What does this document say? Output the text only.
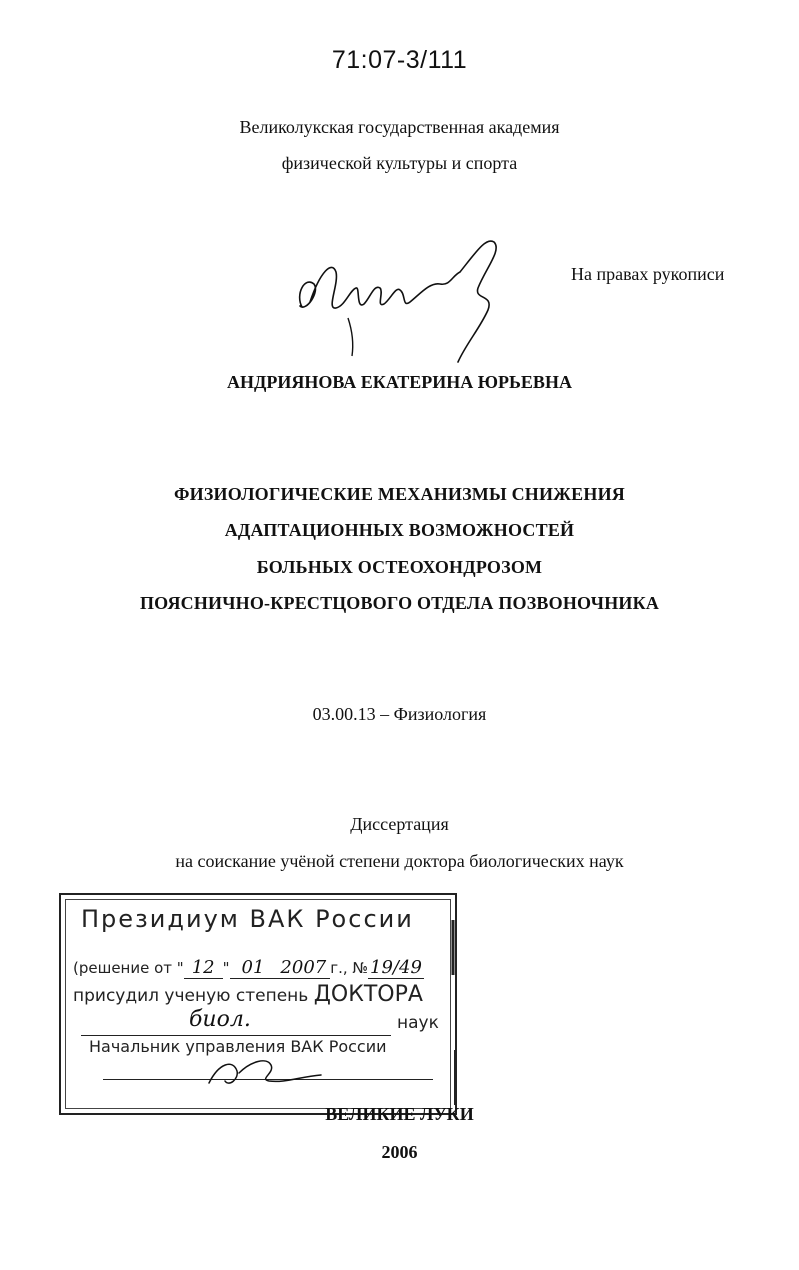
71:07-3/111
Великолукская государственная академия
физической культуры и спорта
На правах рукописи
АНДРИЯНОВА ЕКАТЕРИНА ЮРЬЕВНА
ФИЗИОЛОГИЧЕСКИЕ МЕХАНИЗМЫ СНИЖЕНИЯ
АДАПТАЦИОННЫХ ВОЗМОЖНОСТЕЙ
БОЛЬНЫХ ОСТЕОХОНДРОЗОМ
ПОЯСНИЧНО-КРЕСТЦОВОГО ОТДЕЛА ПОЗВОНОЧНИКА
03.00.13 – Физиология
Диссертация
на соискание учёной степени доктора биологических наук
Президиум ВАК России
(решение от " 12 " 01 2007 г., № 19/49
присудил ученую степень ДОКТОРА
биол.	наук
Начальник управления ВАК России
ВЕЛИКИЕ ЛУКИ
2006
